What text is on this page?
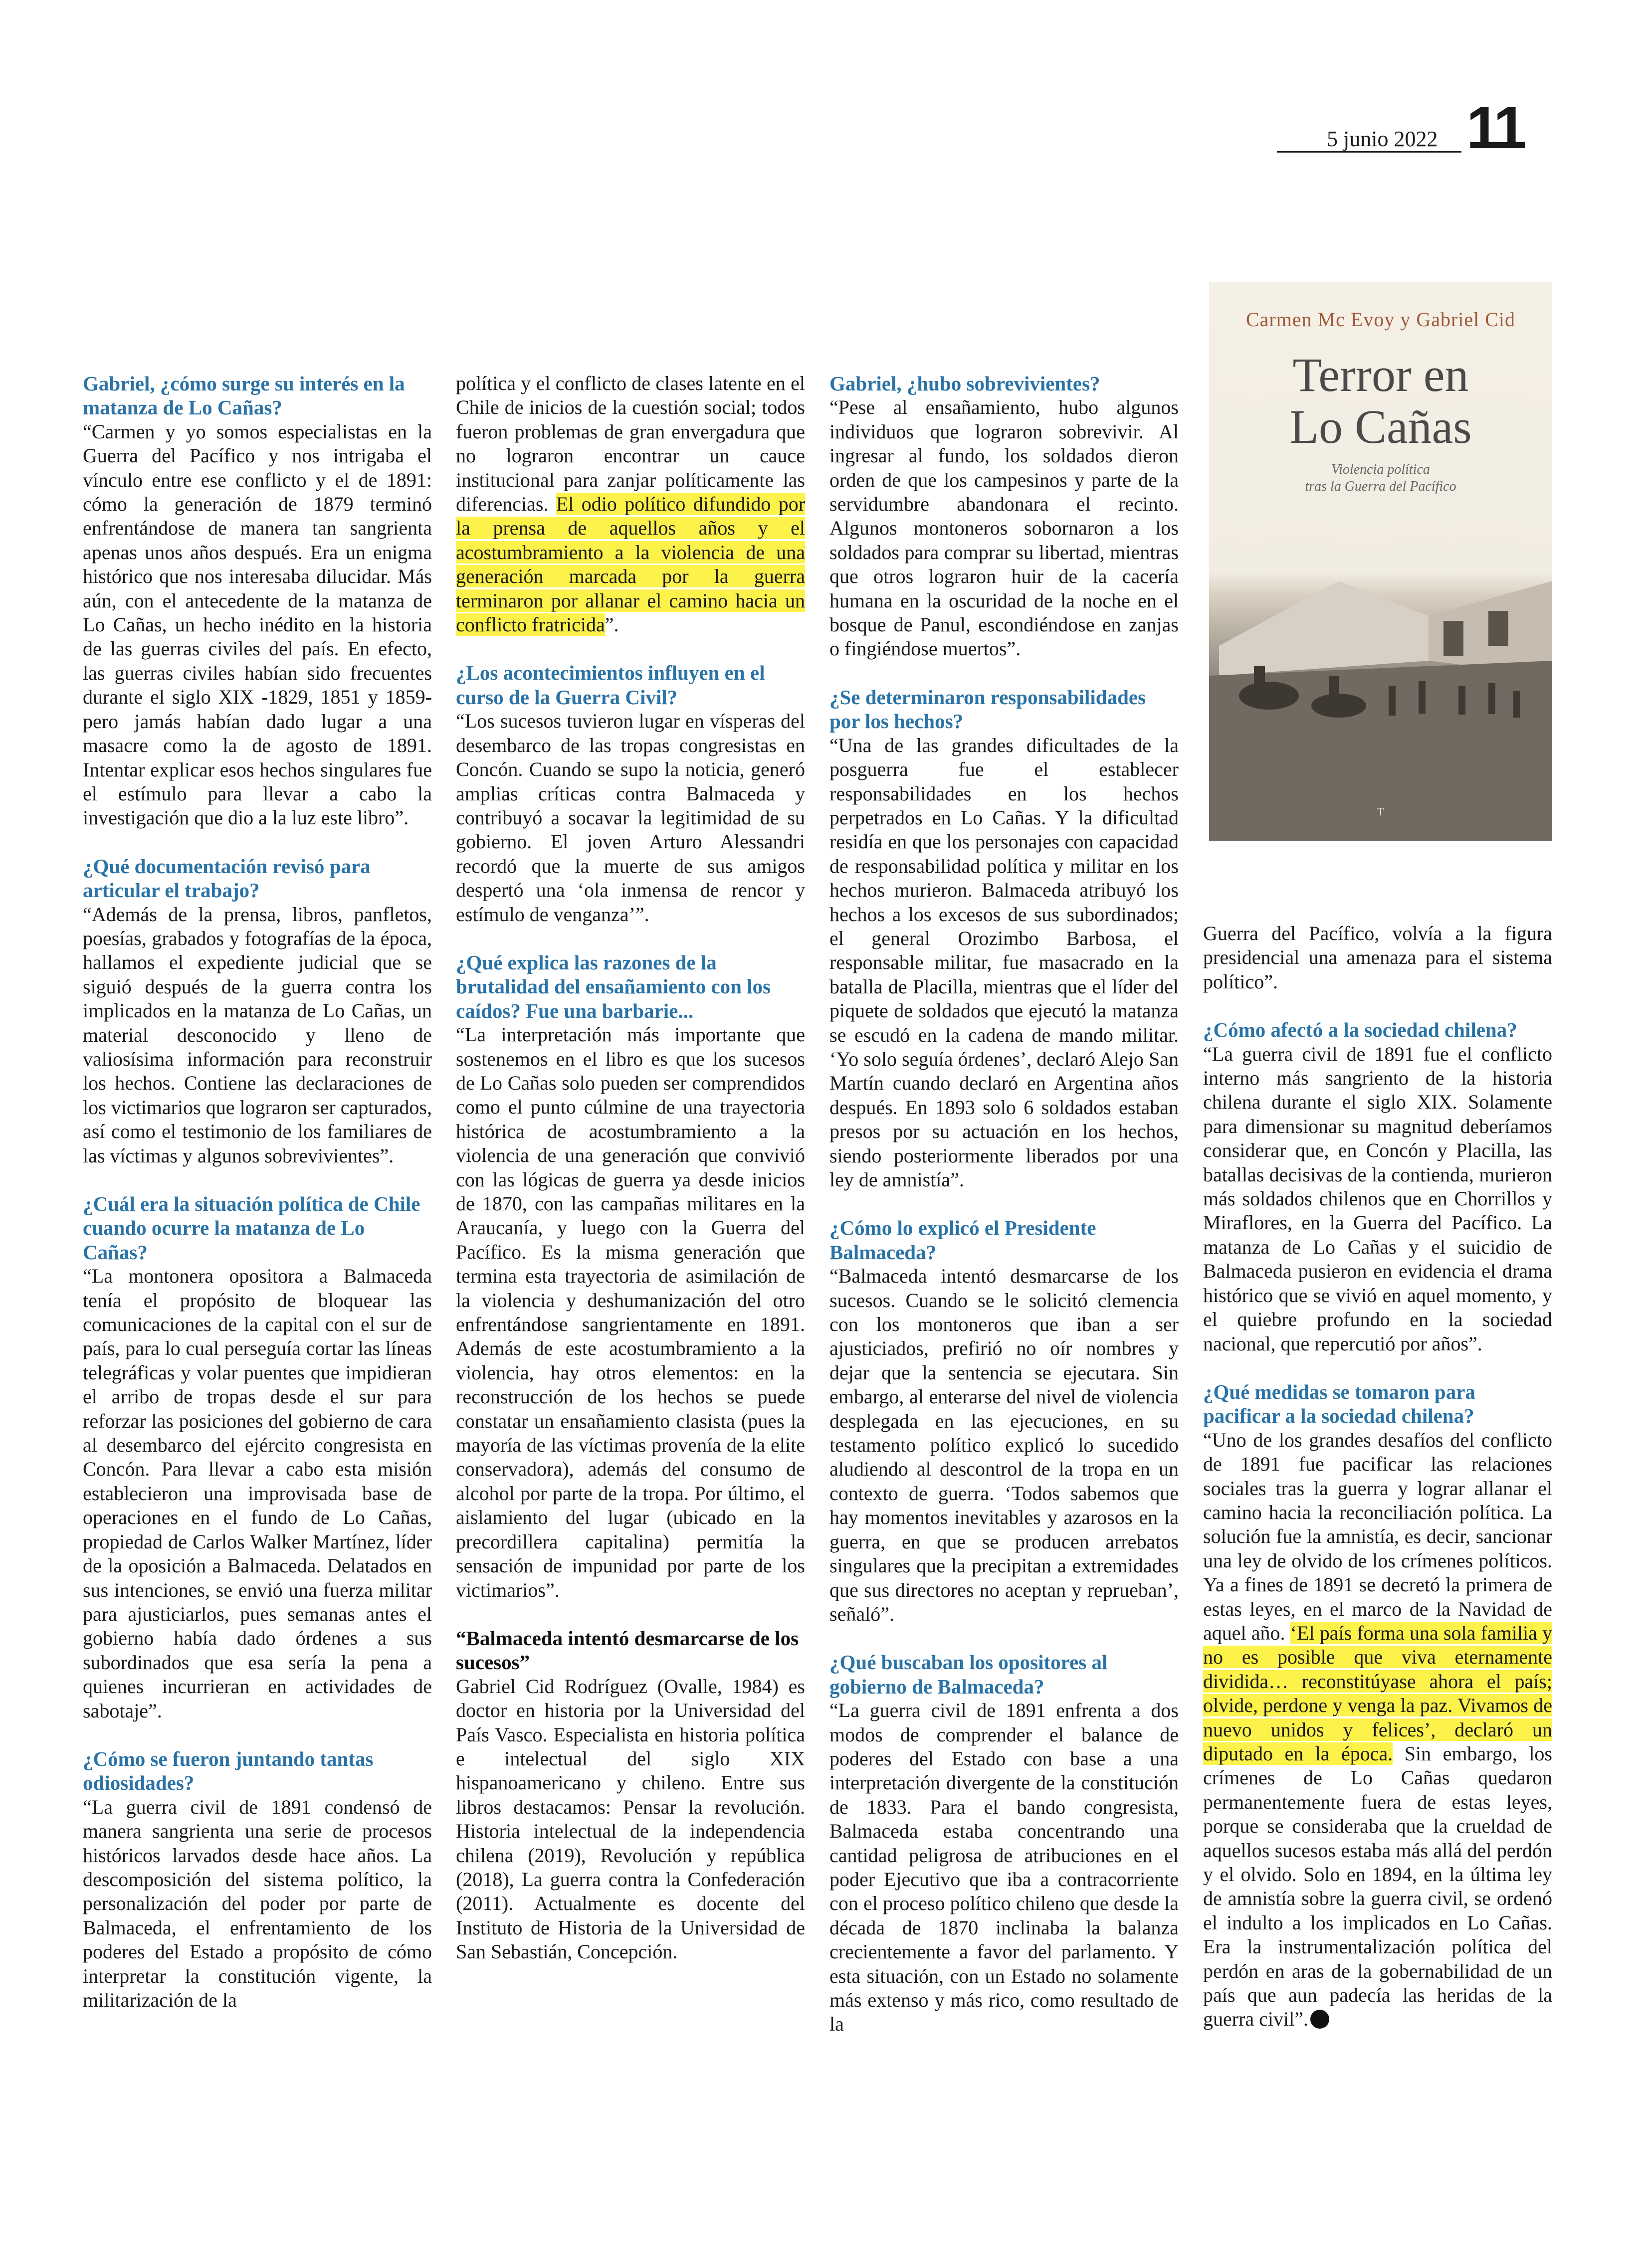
5 junio 2022 11
Carmen Mc Evoy y Gabriel Cid
Terror en
Lo Cañas
Violencia política
tras la Guerra del Pacífico
T
Gabriel, ¿cómo surge su interés en la matanza de Lo Cañas?

“Carmen y yo somos especialistas en la Guerra del Pacífico y nos intrigaba el vínculo entre ese conflicto y el de 1891: cómo la generación de 1879 terminó enfrentándose de manera tan sangrienta apenas unos años después. Era un enigma histórico que nos interesaba dilucidar. Más aún, con el antecedente de la matanza de Lo Cañas, un hecho inédito en la historia de las guerras civiles del país. En efecto, las guerras civiles habían sido frecuentes durante el siglo XIX -1829, 1851 y 1859- pero jamás habían dado lugar a una masacre como la de agosto de 1891. Intentar explicar esos hechos singulares fue el estímulo para llevar a cabo la investigación que dio a la luz este libro”.

¿Qué documentación revisó para articular el trabajo?

“Además de la prensa, libros, panfletos, poesías, grabados y fotografías de la época, hallamos el expediente judicial que se siguió después de la guerra contra los implicados en la matanza de Lo Cañas, un material desconocido y lleno de valiosísima información para reconstruir los hechos. Contiene las declaraciones de los victimarios que lograron ser capturados, así como el testimonio de los familiares de las víctimas y algunos sobrevivientes”.

¿Cuál era la situación política de Chile cuando ocurre la matanza de Lo Cañas?

“La montonera opositora a Balmaceda tenía el propósito de bloquear las comunicaciones de la capital con el sur de país, para lo cual perseguía cortar las líneas telegráficas y volar puentes que impidieran el arribo de tropas desde el sur para reforzar las posiciones del gobierno de cara al desembarco del ejército congresista en Concón. Para llevar a cabo esta misión establecieron una improvisada base de operaciones en el fundo de Lo Cañas, propiedad de Carlos Walker Martínez, líder de la oposición a Balmaceda. Delatados en sus intenciones, se envió una fuerza militar para ajusticiarlos, pues semanas antes el gobierno había dado órdenes a sus subordinados que esa sería la pena a quienes incurrieran en actividades de sabotaje”.

¿Cómo se fueron juntando tantas odiosidades?

“La guerra civil de 1891 condensó de manera sangrienta una serie de procesos históricos larvados desde hace años. La descomposición del sistema político, la personalización del poder por parte de Balmaceda, el enfrentamiento de los poderes del Estado a propósito de cómo interpretar la constitución vigente, la militarización de la

política y el conflicto de clases latente en el Chile de inicios de la cuestión social; todos fueron problemas de gran envergadura que no lograron encontrar un cauce institucional para zanjar políticamente las diferencias. El odio político difundido por la prensa de aquellos años y el acostumbramiento a la violencia de una generación marcada por la guerra terminaron por allanar el camino hacia un conflicto fratricida”.

¿Los acontecimientos influyen en el curso de la Guerra Civil?

“Los sucesos tuvieron lugar en vísperas del desembarco de las tropas congresistas en Concón. Cuando se supo la noticia, generó amplias críticas contra Balmaceda y contribuyó a socavar la legitimidad de su gobierno. El joven Arturo Alessandri recordó que la muerte de sus amigos despertó una ‘ola inmensa de rencor y estímulo de venganza’”.

¿Qué explica las razones de la brutalidad del ensañamiento con los caídos? Fue una barbarie...

“La interpretación más importante que sostenemos en el libro es que los sucesos de Lo Cañas solo pueden ser comprendidos como el punto cúlmine de una trayectoria histórica de acostumbramiento a la violencia de una generación que convivió con las lógicas de guerra ya desde inicios de 1870, con las campañas militares en la Araucanía, y luego con la Guerra del Pacífico. Es la misma generación que termina esta trayectoria de asimilación de la violencia y deshumanización del otro enfrentándose sangrientamente en 1891. Además de este acostumbramiento a la violencia, hay otros elementos: en la reconstrucción de los hechos se puede constatar un ensañamiento clasista (pues la mayoría de las víctimas provenía de la elite conservadora), además del consumo de alcohol por parte de la tropa. Por último, el aislamiento del lugar (ubicado en la precordillera capitalina) permitía la sensación de impunidad por parte de los victimarios”.

“Balmaceda intentó desmarcarse de los sucesos”

Gabriel Cid Rodríguez (Ovalle, 1984) es doctor en historia por la Universidad del País Vasco. Especialista en historia política e intelectual del siglo XIX hispanoamericano y chileno. Entre sus libros destacamos: Pensar la revolución. Historia intelectual de la independencia chilena (2019), Revolución y república (2018), La guerra contra la Confederación (2011). Actualmente es docente del Instituto de Historia de la Universidad de San Sebastián, Concepción.

Gabriel, ¿hubo sobrevivientes?

“Pese al ensañamiento, hubo algunos individuos que lograron sobrevivir. Al ingresar al fundo, los soldados dieron orden de que los campesinos y parte de la servidumbre abandonara el recinto. Algunos montoneros sobornaron a los soldados para comprar su libertad, mientras que otros lograron huir de la cacería humana en la oscuridad de la noche en el bosque de Panul, escondiéndose en zanjas o fingiéndose muertos”.

¿Se determinaron responsabilidades por los hechos?

“Una de las grandes dificultades de la posguerra fue el establecer responsabilidades en los hechos perpetrados en Lo Cañas. Y la dificultad residía en que los personajes con capacidad de responsabilidad política y militar en los hechos murieron. Balmaceda atribuyó los hechos a los excesos de sus subordinados; el general Orozimbo Barbosa, el responsable militar, fue masacrado en la batalla de Placilla, mientras que el líder del piquete de soldados que ejecutó la matanza se escudó en la cadena de mando militar. ‘Yo solo seguía órdenes’, declaró Alejo San Martín cuando declaró en Argentina años después. En 1893 solo 6 soldados estaban presos por su actuación en los hechos, siendo posteriormente liberados por una ley de amnistía”.

¿Cómo lo explicó el Presidente Balmaceda?

“Balmaceda intentó desmarcarse de los sucesos. Cuando se le solicitó clemencia con los montoneros que iban a ser ajusticiados, prefirió no oír nombres y dejar que la sentencia se ejecutara. Sin embargo, al enterarse del nivel de violencia desplegada en las ejecuciones, en su testamento político explicó lo sucedido aludiendo al descontrol de la tropa en un contexto de guerra. ‘Todos sabemos que hay momentos inevitables y azarosos en la guerra, en que se producen arrebatos singulares que la precipitan a extremidades que sus directores no aceptan y reprueban’, señaló”.

¿Qué buscaban los opositores al gobierno de Balmaceda?

“La guerra civil de 1891 enfrenta a dos modos de comprender el balance de poderes del Estado con base a una interpretación divergente de la constitución de 1833. Para el bando congresista, Balmaceda estaba concentrando una cantidad peligrosa de atribuciones en el poder Ejecutivo que iba a contracorriente con el proceso político chileno que desde la década de 1870 inclinaba la balanza crecientemente a favor del parlamento. Y esta situación, con un Estado no solamente más extenso y más rico, como resultado de la

Guerra del Pacífico, volvía a la figura presidencial una amenaza para el sistema político”.

¿Cómo afectó a la sociedad chilena?

“La guerra civil de 1891 fue el conflicto interno más sangriento de la historia chilena durante el siglo XIX. Solamente para dimensionar su magnitud deberíamos considerar que, en Concón y Placilla, las batallas decisivas de la contienda, murieron más soldados chilenos que en Chorrillos y Miraflores, en la Guerra del Pacífico. La matanza de Lo Cañas y el suicidio de Balmaceda pusieron en evidencia el drama histórico que se vivió en aquel momento, y el quiebre profundo en la sociedad nacional, que repercutió por años”.

¿Qué medidas se tomaron para pacificar a la sociedad chilena?

“Uno de los grandes desafíos del conflicto de 1891 fue pacificar las relaciones sociales tras la guerra y lograr allanar el camino hacia la reconciliación política. La solución fue la amnistía, es decir, sancionar una ley de olvido de los crímenes políticos. Ya a fines de 1891 se decretó la primera de estas leyes, en el marco de la Navidad de aquel año. ‘El país forma una sola familia y no es posible que viva eternamente dividida… reconstitúyase ahora el país; olvide, perdone y venga la paz. Vivamos de nuevo unidos y felices’, declaró un diputado en la época. Sin embargo, los crímenes de Lo Cañas quedaron permanentemente fuera de estas leyes, porque se consideraba que la crueldad de aquellos sucesos estaba más allá del perdón y el olvido. Solo en 1894, en la última ley de amnistía sobre la guerra civil, se ordenó el indulto a los implicados en Lo Cañas. Era la instrumentalización política del perdón en aras de la gobernabilidad de un país que aun padecía las heridas de la guerra civil”.
